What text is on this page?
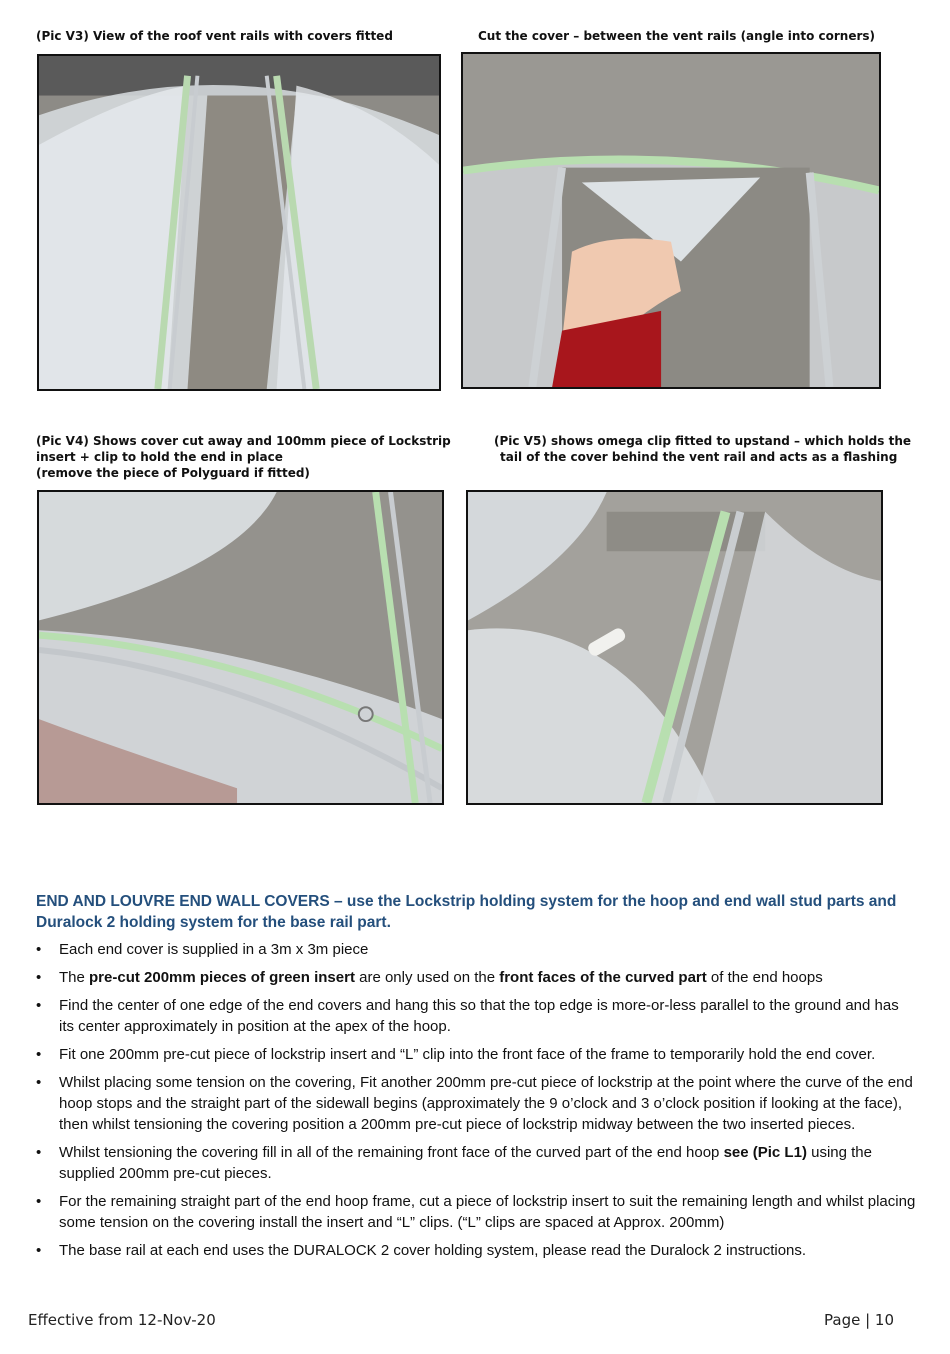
(Pic V3) View of the roof vent rails with covers fitted	Cut the cover – between the vent rails (angle into corners)
(Pic V4) Shows cover cut away and 100mm piece of Lockstrip
insert + clip to hold the end in place
(remove the piece of Polyguard if fitted)
(Pic V5) shows omega clip fitted to upstand – which holds the
tail of the cover behind the vent rail and acts as a flashing
END AND LOUVRE END WALL COVERS – use the Lockstrip holding system for the hoop and end wall stud parts and Duralock 2 holding system for the base rail part.
• Each end cover is supplied in a 3m x 3m piece
• The pre-cut 200mm pieces of green insert are only used on the front faces of the curved part of the end hoops
• Find the center of one edge of the end covers and hang this so that the top edge is more-or-less parallel to the ground and has its center approximately in position at the apex of the hoop.
• Fit one 200mm pre-cut piece of lockstrip insert and “L” clip into the front face of the frame to temporarily hold the end cover.
• Whilst placing some tension on the covering, Fit another 200mm pre-cut piece of lockstrip at the point where the curve of the end hoop stops and the straight part of the sidewall begins (approximately the 9 o’clock and 3 o’clock position if looking at the face), then whilst tensioning the covering position a 200mm pre-cut piece of lockstrip midway between the two inserted pieces.
• Whilst tensioning the covering fill in all of the remaining front face of the curved part of the end hoop see (Pic L1) using the supplied 200mm pre-cut pieces.
• For the remaining straight part of the end hoop frame, cut a piece of lockstrip insert to suit the remaining length and whilst placing some tension on the covering install the insert and “L” clips. (“L” clips are spaced at Approx. 200mm)
• The base rail at each end uses the DURALOCK 2 cover holding system, please read the Duralock 2 instructions.
Effective from 12-Nov-20	Page | 10
